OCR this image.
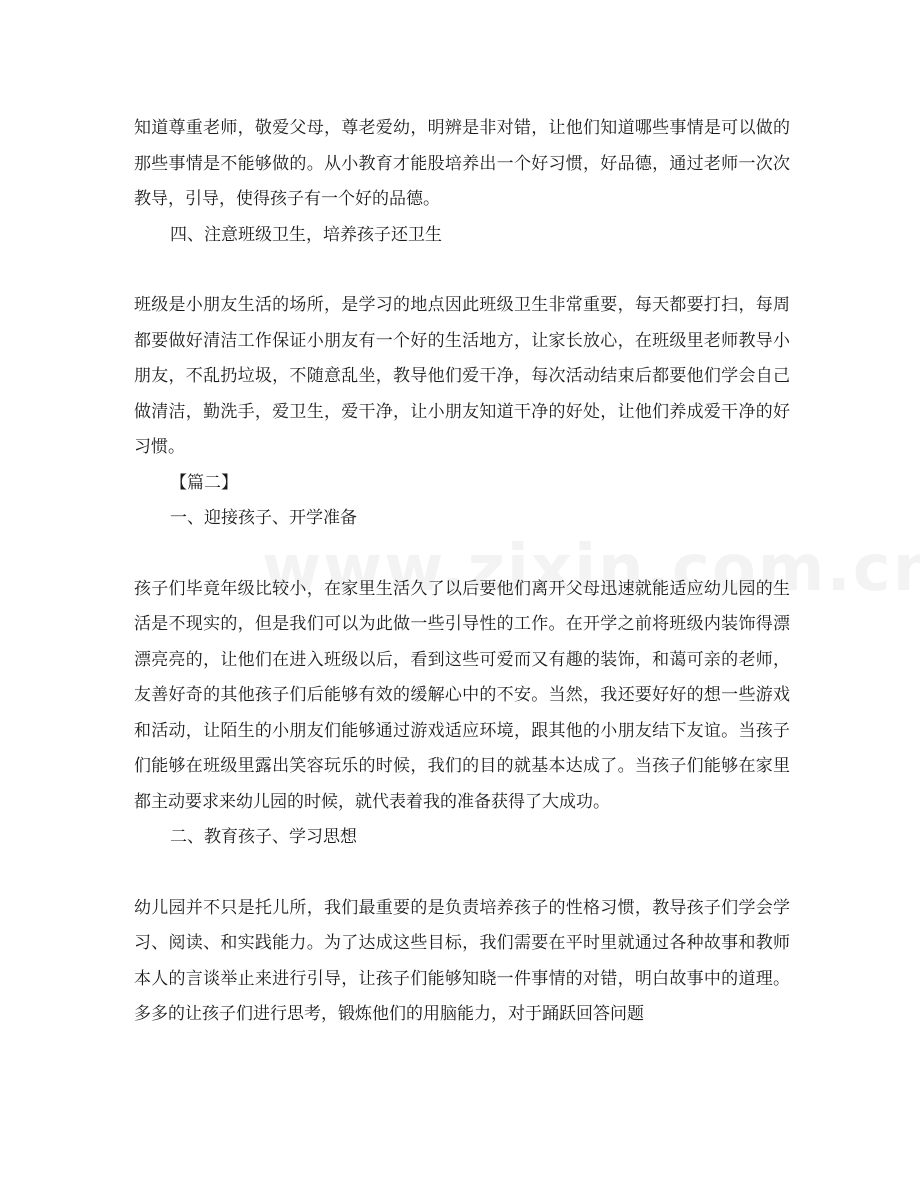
知道尊重老师，敬爱父母，尊老爱幼，明辨是非对错，让他们知道哪些事情是可以做的那些事情是不能够做的。从小教育才能股培养出一个好习惯，好品德，通过老师一次次教导，引导，使得孩子有一个好的品德。

四、注意班级卫生，培养孩子还卫生

班级是小朋友生活的场所，是学习的地点因此班级卫生非常重要，每天都要打扫，每周都要做好清洁工作保证小朋友有一个好的生活地方，让家长放心，在班级里老师教导小朋友，不乱扔垃圾，不随意乱坐，教导他们爱干净，每次活动结束后都要他们学会自己做清洁，勤洗手，爱卫生，爱干净，让小朋友知道干净的好处，让他们养成爱干净的好习惯。

【篇二】

一、迎接孩子、开学准备

孩子们毕竟年级比较小，在家里生活久了以后要他们离开父母迅速就能适应幼儿园的生活是不现实的，但是我们可以为此做一些引导性的工作。在开学之前将班级内装饰得漂漂亮亮的，让他们在进入班级以后，看到这些可爱而又有趣的装饰，和蔼可亲的老师，友善好奇的其他孩子们后能够有效的缓解心中的不安。当然，我还要好好的想一些游戏和活动，让陌生的小朋友们能够通过游戏适应环境，跟其他的小朋友结下友谊。当孩子们能够在班级里露出笑容玩乐的时候，我们的目的就基本达成了。当孩子们能够在家里都主动要求来幼儿园的时候，就代表着我的准备获得了大成功。

二、教育孩子、学习思想

幼儿园并不只是托儿所，我们最重要的是负责培养孩子的性格习惯，教导孩子们学会学习、阅读、和实践能力。为了达成这些目标，我们需要在平时里就通过各种故事和教师本人的言谈举止来进行引导，让孩子们能够知晓一件事情的对错，明白故事中的道理。多多的让孩子们进行思考，锻炼他们的用脑能力，对于踊跃回答问题
